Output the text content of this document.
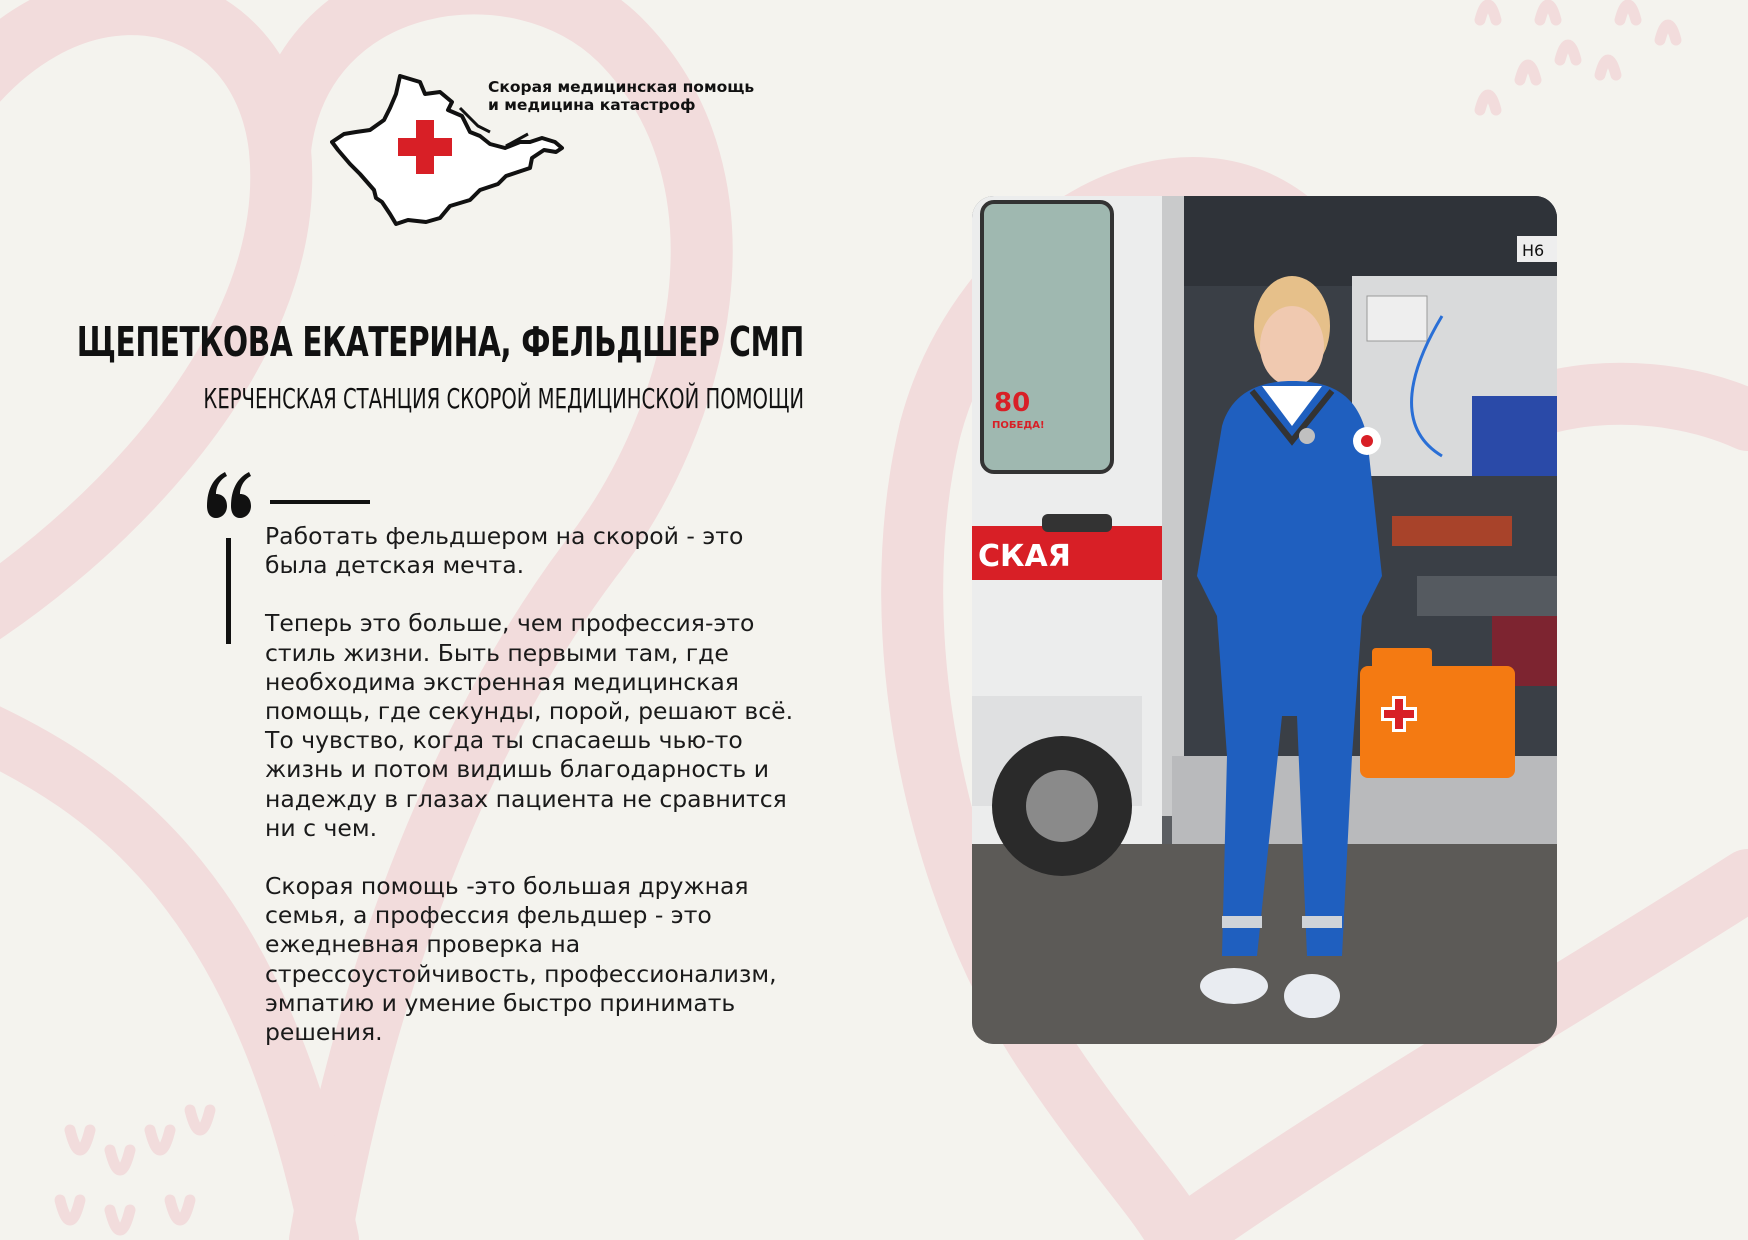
Скорая медицинская помощь
и медицина катастроф
ЩЕПЕТКОВА ЕКАТЕРИНА, ФЕЛЬДШЕР СМП
КЕРЧЕНСКАЯ СТАНЦИЯ СКОРОЙ МЕДИЦИНСКОЙ ПОМОЩИ

Работать фельдшером на скорой - это была детская мечта.

Теперь это больше, чем профессия-это стиль жизни. Быть первыми там, где необходима экстренная медицинская помощь, где секунды, порой, решают всё. То чувство, когда ты спасаешь чью-то жизнь и потом видишь благодарность и надежду в глазах пациента не сравнится ни с чем.

Скорая помощь -это большая дружная семья, а профессия фельдшер - это ежедневная проверка на стрессоустойчивость, профессионализм, эмпатию и умение быстро принимать решения.

СКАЯ
80
ПОБЕДА!
Н6
